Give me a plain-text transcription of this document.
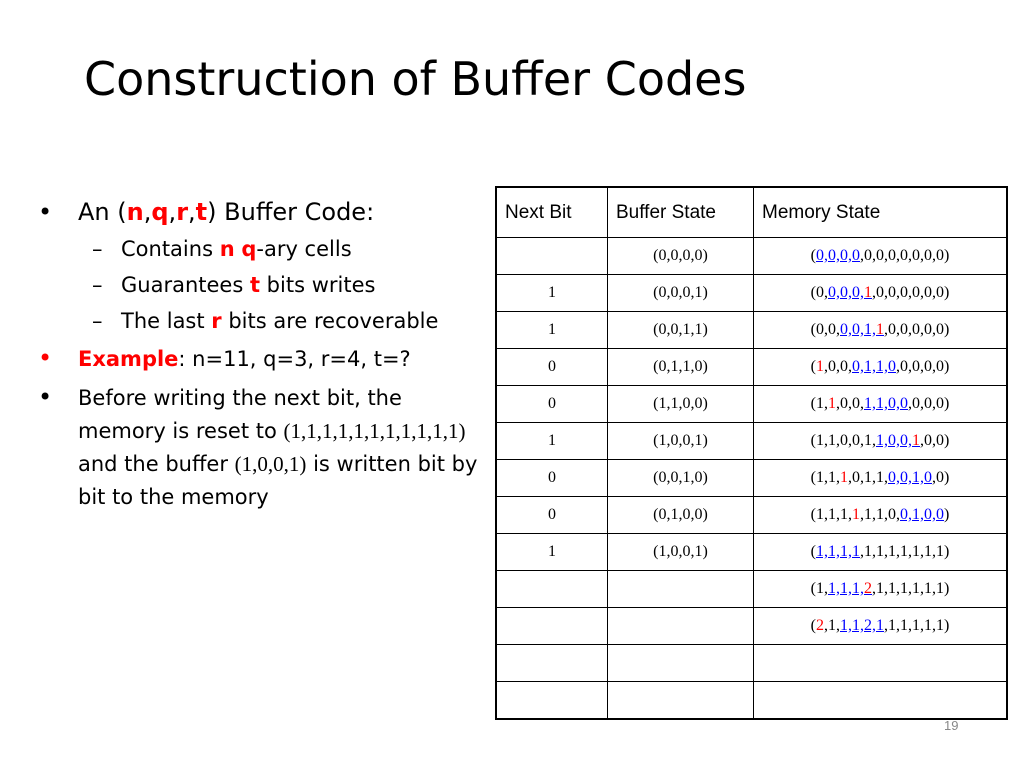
Construction of Buffer Codes
• An (n,q,r,t) Buffer Code:
– Contains n q-ary cells
– Guarantees t bits writes
– The last r bits are recoverable
• Example: n=11, q=3, r=4, t=?
• Before writing the next bit, the memory is reset to (1,1,1,1,1,1,1,1,1,1,1) and the buffer (1,0,0,1) is written bit by bit to the memory
Next Bit	Buffer State	Memory State
	(0,0,0,0)	(0,0,0,0,0,0,0,0,0,0,0)
1	(0,0,0,1)	(0,0,0,0,1,0,0,0,0,0,0)
1	(0,0,1,1)	(0,0,0,0,1,1,0,0,0,0,0)
0	(0,1,1,0)	(1,0,0,0,1,1,0,0,0,0,0)
0	(1,1,0,0)	(1,1,0,0,1,1,0,0,0,0,0)
1	(1,0,0,1)	(1,1,0,0,1,1,0,0,1,0,0)
0	(0,0,1,0)	(1,1,1,0,1,1,0,0,1,0,0)
0	(0,1,0,0)	(1,1,1,1,1,1,0,0,1,0,0)
1	(1,0,0,1)	(1,1,1,1,1,1,1,1,1,1,1)
		(1,1,1,1,2,1,1,1,1,1,1)
		(2,1,1,1,2,1,1,1,1,1,1)

19
